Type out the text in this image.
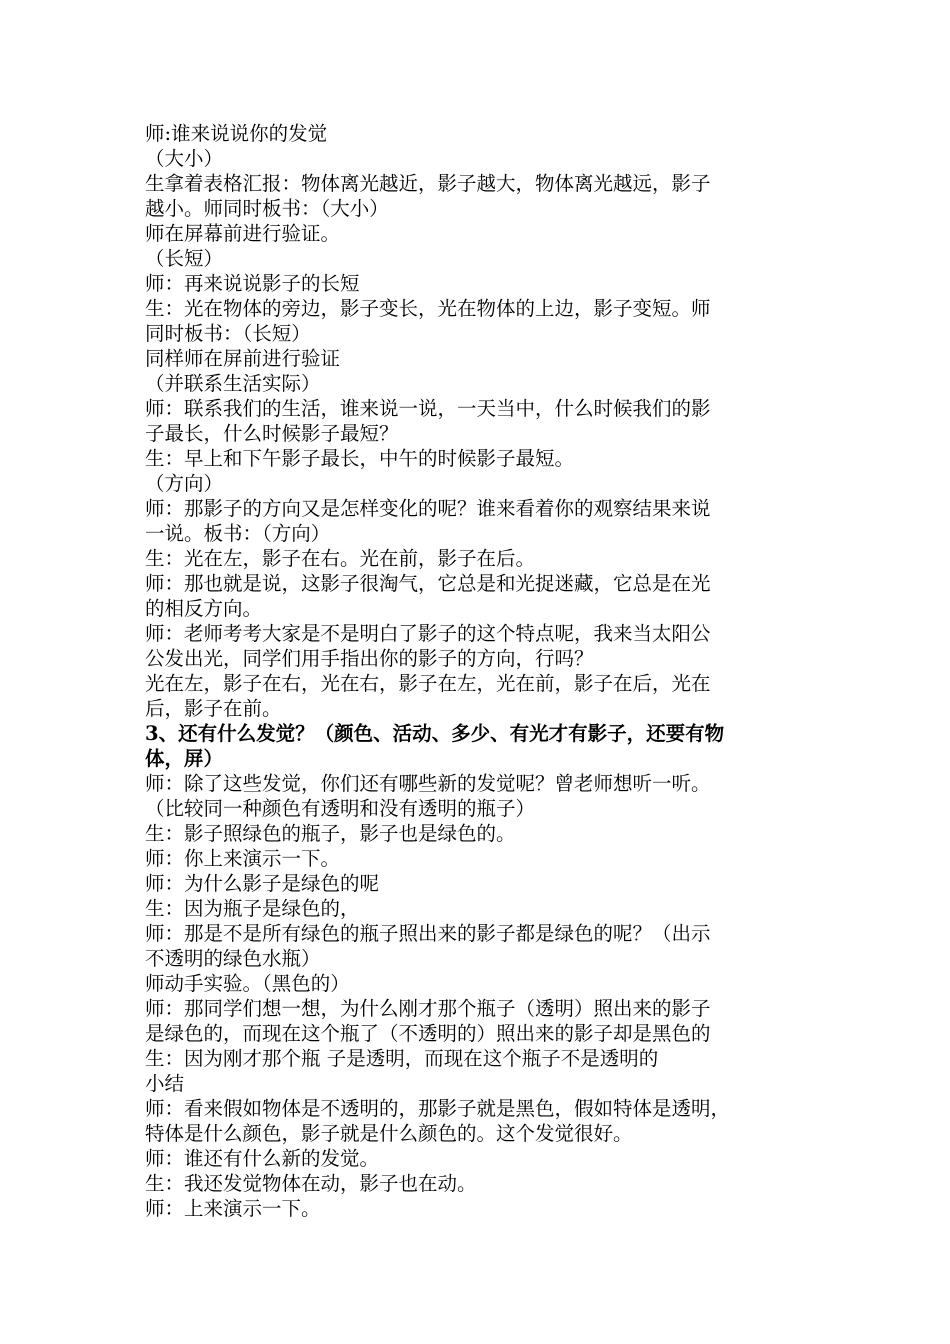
师:谁来说说你的发觉
（大小）
生拿着表格汇报：物体离光越近，影子越大，物体离光越远，影子
越小。师同时板书：（大小）
师在屏幕前进行验证。
（长短）
师：再来说说影子的长短
生：光在物体的旁边，影子变长，光在物体的上边，影子变短。师
同时板书：（长短）
同样师在屏前进行验证
（并联系生活实际）
师：联系我们的生活，谁来说一说，一天当中，什么时候我们的影
子最长，什么时候影子最短？
生：早上和下午影子最长，中午的时候影子最短。
（方向）
师：那影子的方向又是怎样变化的呢？谁来看着你的观察结果来说
一说。板书：（方向）
生：光在左，影子在右。光在前，影子在后。
师：那也就是说，这影子很淘气，它总是和光捉迷藏，它总是在光
的相反方向。
师：老师考考大家是不是明白了影子的这个特点呢，我来当太阳公
公发出光，同学们用手指出你的影子的方向，行吗？
光在左，影子在右，光在右，影子在左，光在前，影子在后，光在
后，影子在前。
3、还有什么发觉？（颜色、活动、多少、有光才有影子，还要有物
体，屏）
师：除了这些发觉，你们还有哪些新的发觉呢？曾老师想听一听。
（比较同一种颜色有透明和没有透明的瓶子）
生：影子照绿色的瓶子，影子也是绿色的。
师：你上来演示一下。
师：为什么影子是绿色的呢
生：因为瓶子是绿色的，
师：那是不是所有绿色的瓶子照出来的影子都是绿色的呢？（出示
不透明的绿色水瓶）
师动手实验。（黑色的）
师：那同学们想一想，为什么刚才那个瓶子（透明）照出来的影子
是绿色的，而现在这个瓶了（不透明的）照出来的影子却是黑色的
生：因为刚才那个瓶 子是透明，而现在这个瓶子不是透明的
小结
师：看来假如物体是不透明的，那影子就是黑色，假如特体是透明，
特体是什么颜色，影子就是什么颜色的。这个发觉很好。
师：谁还有什么新的发觉。
生：我还发觉物体在动，影子也在动。
师：上来演示一下。
